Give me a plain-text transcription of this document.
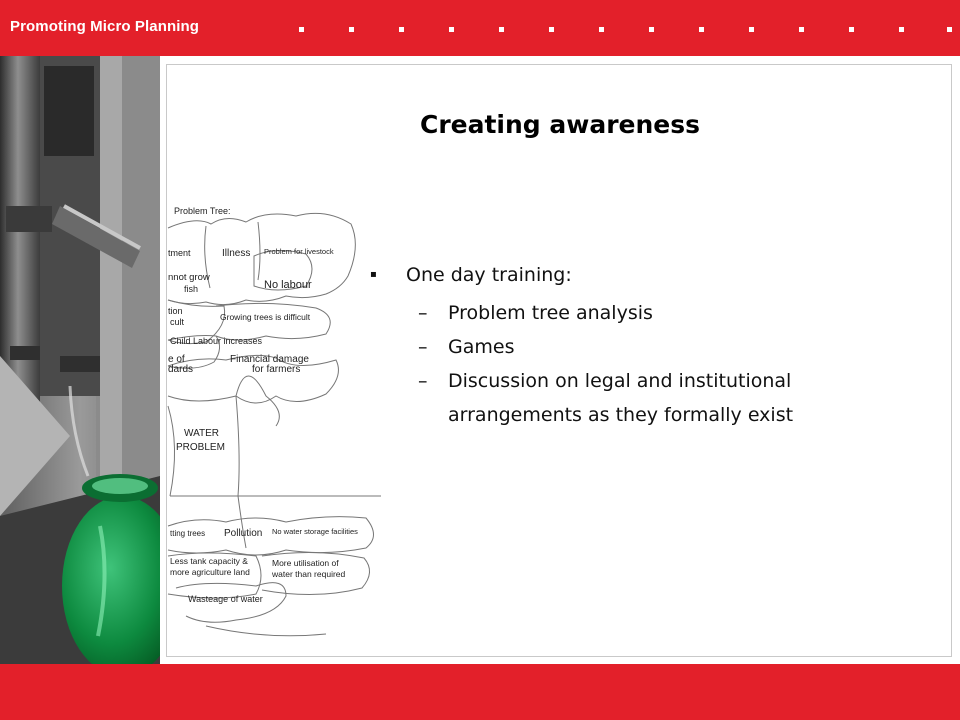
Promoting Micro Planning
Creating awareness
Problem Tree:
tment	Illness Problem for livestock
nnot grow
fish	No labour
tion
cult	Growing trees is difficult
Child Labour increases
e of
dards
Financial damage
for farmers
WATER
PROBLEM
tting trees Pollution No water storage facilities
Less tank capacity &
more agriculture land
More utilisation of
water than required
Wasteage of water
▪ One day training:
– Problem tree analysis
– Games
– Discussion on legal and institutional
arrangements as they formally exist
